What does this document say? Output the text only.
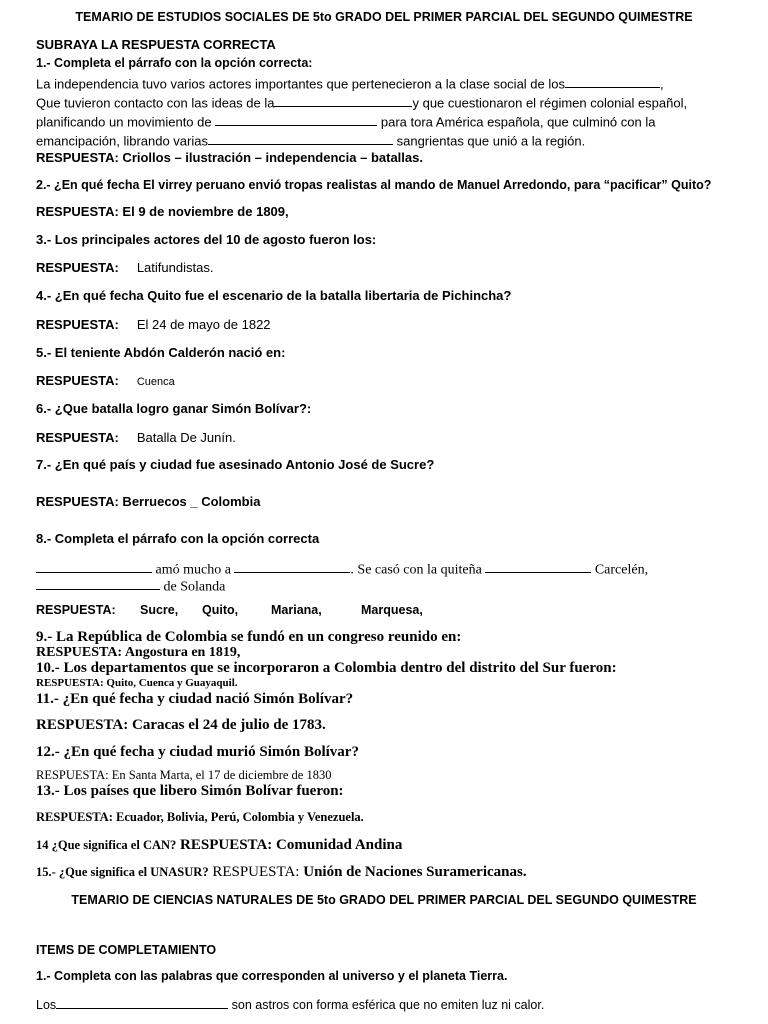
TEMARIO DE ESTUDIOS SOCIALES DE 5to GRADO DEL PRIMER PARCIAL DEL SEGUNDO QUIMESTRE

SUBRAYA LA RESPUESTA CORRECTA

1.- Completa el párrafo con la opción correcta:

La independencia tuvo varios actores importantes que pertenecieron a la clase social de los	,

Que tuvieron contacto con las ideas de la	y que cuestionaron el régimen colonial español,

planificando un movimiento de	para tora América española, que culminó con la

emancipación, librando varias	sangrientas que unió a la región.

RESPUESTA: Criollos – ilustración – independencia – batallas.

2.- ¿En qué fecha El virrey peruano envió tropas realistas al mando de Manuel Arredondo, para “pacificar” Quito?

RESPUESTA: El 9 de noviembre de 1809,

3.- Los principales actores del 10 de agosto fueron los:

RESPUESTA: Latifundistas.

4.- ¿En qué fecha Quito fue el escenario de la batalla libertaria de Pichincha?

RESPUESTA: El 24 de mayo de 1822

5.- El teniente Abdón Calderón nació en:

RESPUESTA: Cuenca

6.- ¿Que batalla logro ganar Simón Bolívar?:

RESPUESTA: Batalla De Junín.

7.- ¿En qué país y ciudad fue asesinado Antonio José de Sucre?

RESPUESTA: Berruecos _ Colombia

8.- Completa el párrafo con la opción correcta

amó mucho a	. Se casó con la quiteña	Carcelén,

de Solanda

RESPUESTA: Sucre, Quito,	Mariana,	Marquesa,

9.- La República de Colombia se fundó en un congreso reunido en:

RESPUESTA: Angostura en 1819,

10.- Los departamentos que se incorporaron a Colombia dentro del distrito del Sur fueron:

RESPUESTA: Quito, Cuenca y Guayaquil.

11.- ¿En qué fecha y ciudad nació Simón Bolívar?

RESPUESTA: Caracas el 24 de julio de 1783.

12.- ¿En qué fecha y ciudad murió Simón Bolívar?

RESPUESTA: En Santa Marta, el 17 de diciembre de 1830

13.- Los países que libero Simón Bolívar fueron:

RESPUESTA: Ecuador, Bolivia, Perú, Colombia y Venezuela.

14 ¿Que significa el CAN? RESPUESTA: Comunidad Andina

15.- ¿Que significa el UNASUR? RESPUESTA: Unión de Naciones Suramericanas.

TEMARIO DE CIENCIAS NATURALES DE 5to GRADO DEL PRIMER PARCIAL DEL SEGUNDO QUIMESTRE

ITEMS DE COMPLETAMIENTO

1.- Completa con las palabras que corresponden al universo y el planeta Tierra.

Los	son astros con forma esférica que no emiten luz ni calor.
